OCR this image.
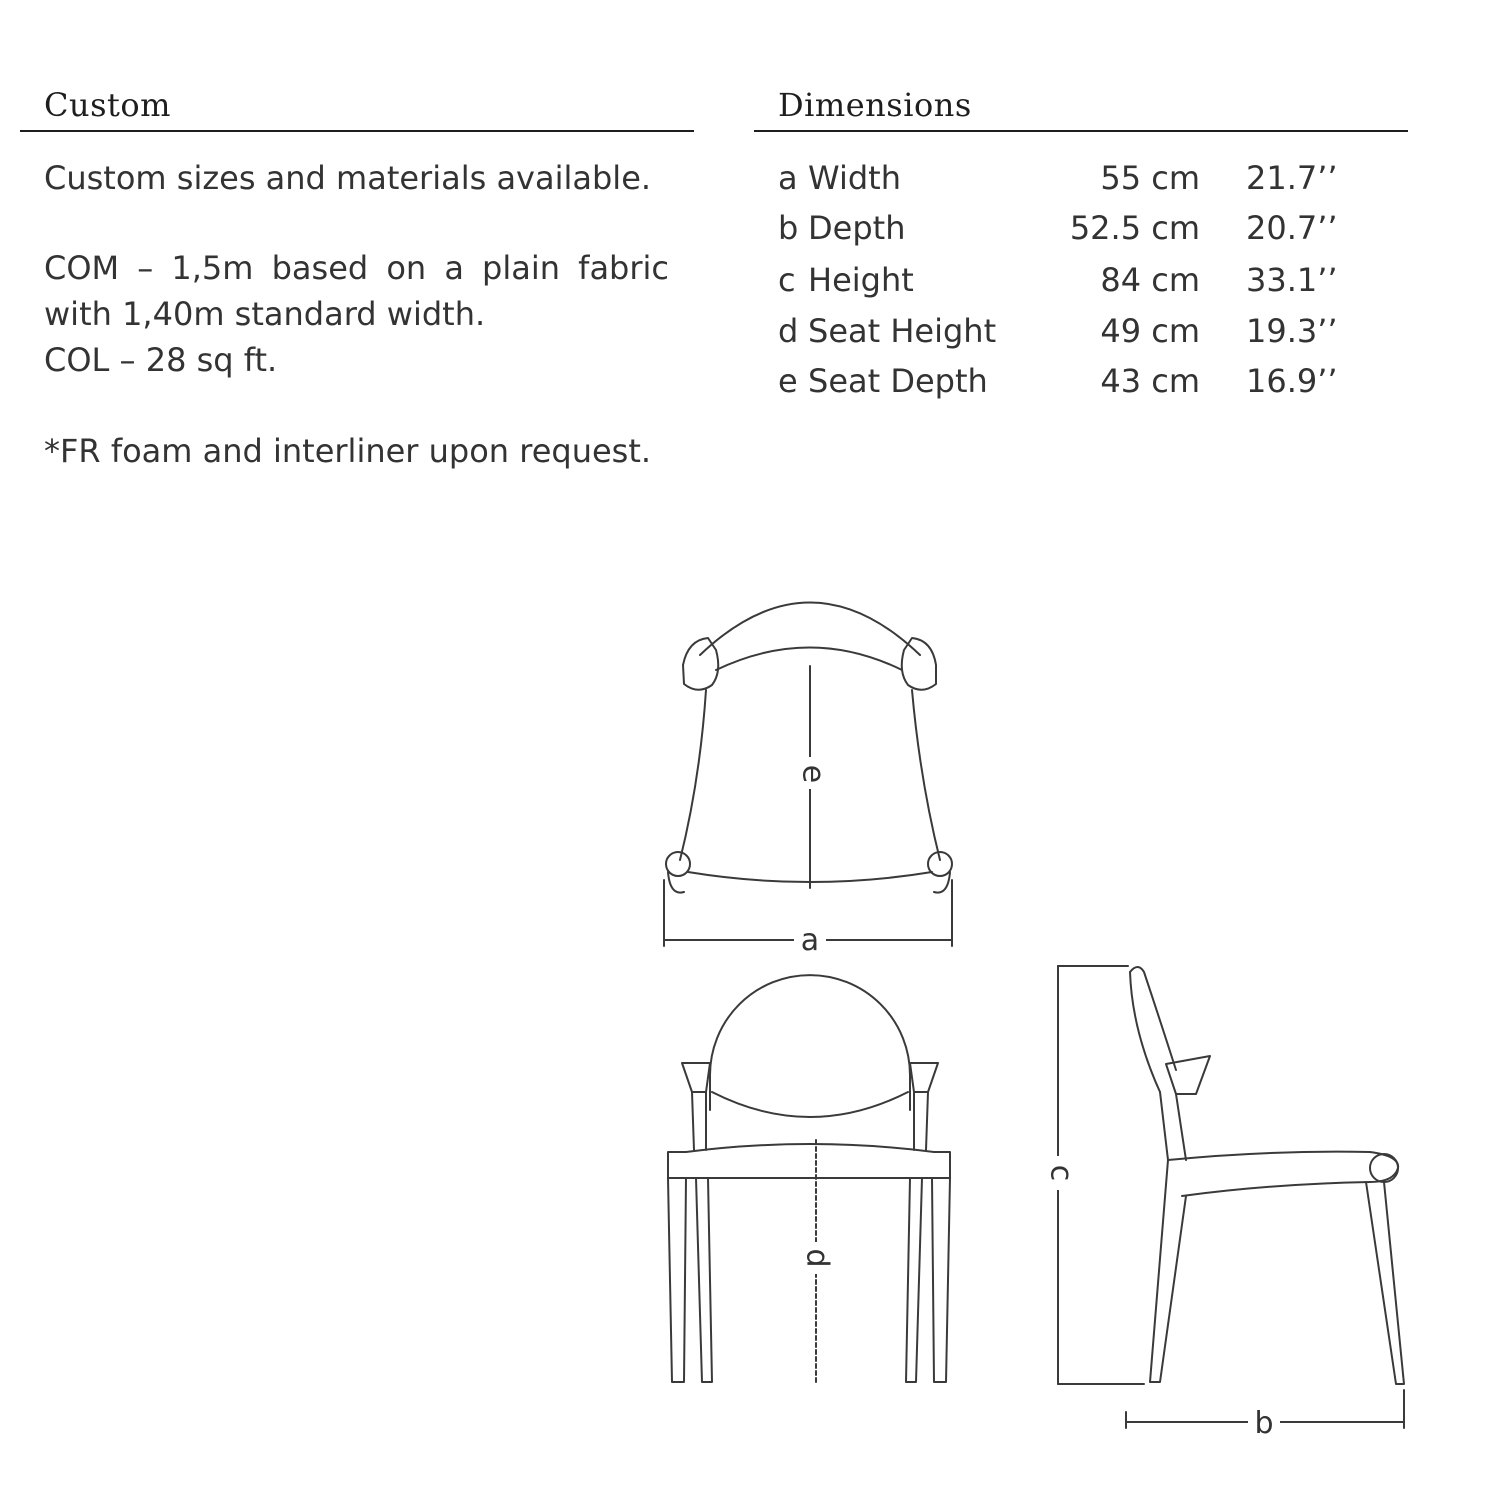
Custom

Custom sizes and materials available.

COM – 1,5m based on a plain fabric

with 1,40m standard width.

COL – 28 sq ft.

*FR foam and interliner upon request.

Dimensions
a Width	55 cm 21.7’’
b Depth	52.5 cm 20.7’’
c Height	84 cm 33.1’’
d Seat Height	49 cm 19.3’’
e Seat Depth	43 cm 16.9’’
a
e
d
c
b
